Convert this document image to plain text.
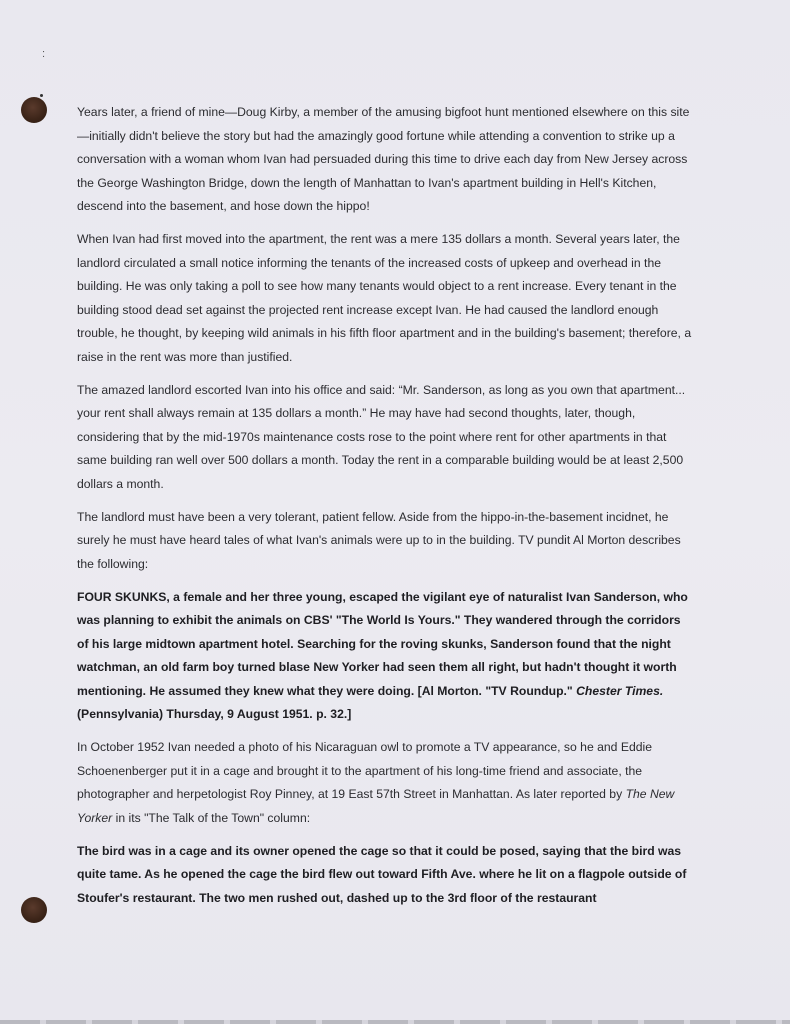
:

Years later, a friend of mine—Doug Kirby, a member of the amusing bigfoot hunt mentioned elsewhere on this site—initially didn't believe the story but had the amazingly good fortune while attending a convention to strike up a conversation with a woman whom Ivan had persuaded during this time to drive each day from New Jersey across the George Washington Bridge, down the length of Manhattan to Ivan's apartment building in Hell's Kitchen, descend into the basement, and hose down the hippo!

When Ivan had first moved into the apartment, the rent was a mere 135 dollars a month. Several years later, the landlord circulated a small notice informing the tenants of the increased costs of upkeep and overhead in the building. He was only taking a poll to see how many tenants would object to a rent increase. Every tenant in the building stood dead set against the projected rent increase except Ivan. He had caused the landlord enough trouble, he thought, by keeping wild animals in his fifth floor apartment and in the building's basement; therefore, a raise in the rent was more than justified.

The amazed landlord escorted Ivan into his office and said: “Mr. Sanderson, as long as you own that apartment... your rent shall always remain at 135 dollars a month.” He may have had second thoughts, later, though, considering that by the mid-1970s maintenance costs rose to the point where rent for other apartments in that same building ran well over 500 dollars a month. Today the rent in a comparable building would be at least 2,500 dollars a month.

The landlord must have been a very tolerant, patient fellow. Aside from the hippo-in-the-basement incidnet, he surely he must have heard tales of what Ivan's animals were up to in the building. TV pundit Al Morton describes the following:

FOUR SKUNKS, a female and her three young, escaped the vigilant eye of naturalist Ivan Sanderson, who was planning to exhibit the animals on CBS' "The World Is Yours." They wandered through the corridors of his large midtown apartment hotel. Searching for the roving skunks, Sanderson found that the night watchman, an old farm boy turned blase New Yorker had seen them all right, but hadn't thought it worth mentioning. He assumed they knew what they were doing. [Al Morton. "TV Roundup." Chester Times. (Pennsylvania) Thursday, 9 August 1951. p. 32.]

In October 1952 Ivan needed a photo of his Nicaraguan owl to promote a TV appearance, so he and Eddie Schoenenberger put it in a cage and brought it to the apartment of his long-time friend and associate, the photographer and herpetologist Roy Pinney, at 19 East 57th Street in Manhattan. As later reported by The New Yorker in its "The Talk of the Town" column:

The bird was in a cage and its owner opened the cage so that it could be posed, saying that the bird was quite tame. As he opened the cage the bird flew out toward Fifth Ave. where he lit on a flagpole outside of Stoufer's restaurant. The two men rushed out, dashed up to the 3rd floor of the restaurant
